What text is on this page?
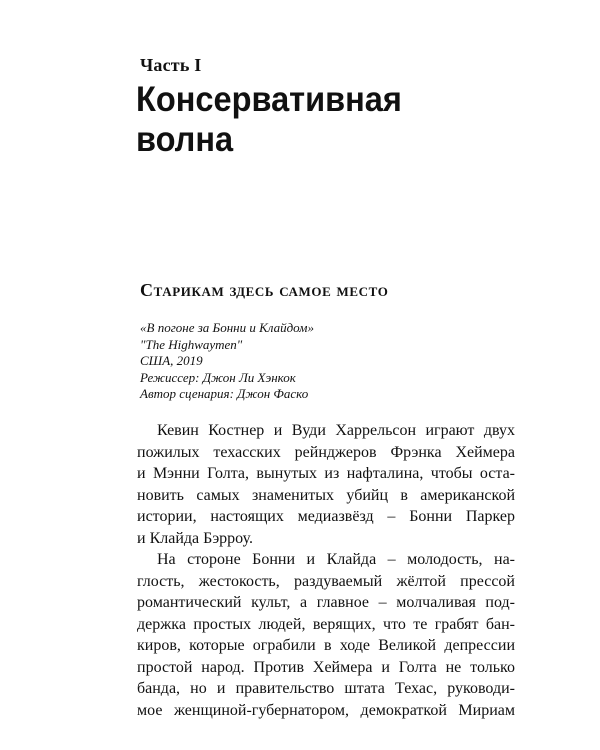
Часть I
Консервативная
волна
Старикам здесь самое место
«В погоне за Бонни и Клайдом»
"The Highwaymen"
США, 2019
Режиссер: Джон Ли Хэнкок
Автор сценария: Джон Фаско
Кевин Костнер и Вуди Харрельсон играют двух
пожилых техасских рейнджеров Фрэнка Хеймера
и Мэнни Голта, вынутых из нафталина, чтобы оста-
новить самых знаменитых убийц в американской
истории, настоящих медиазвёзд – Бонни Паркер
и Клайда Бэрроу.
На стороне Бонни и Клайда – молодость, на-
глость, жестокость, раздуваемый жёлтой прессой
романтический культ, а главное – молчаливая под-
держка простых людей, верящих, что те грабят бан-
киров, которые ограбили в ходе Великой депрессии
простой народ. Против Хеймера и Голта не только
банда, но и правительство штата Техас, руководи-
мое женщиной-губернатором, демократкой Мириам
